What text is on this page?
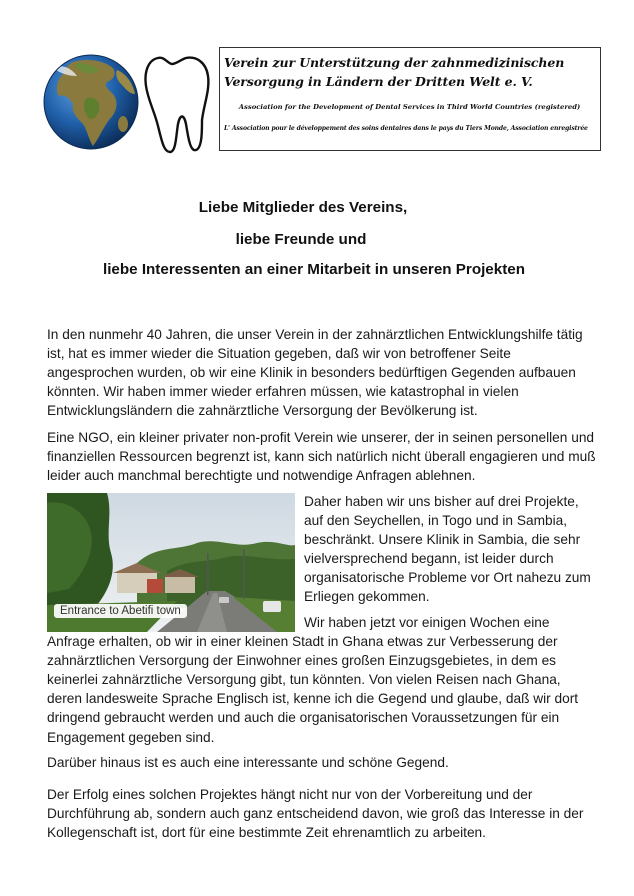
Verein zur Unterstützung der zahnmedizinischen Versorgung in Ländern der Dritten Welt e. V.
Association for the Development of Dental Services in Third World Countries (registered)
L' Association pour le développement des soins dentaires dans le pays du Tiers Monde, Association enregistrée
Liebe Mitglieder des Vereins,
liebe Freunde und
liebe Interessenten an einer Mitarbeit in unseren Projekten

In den nunmehr 40 Jahren, die unser Verein in der zahnärztlichen Entwicklungshilfe tätig ist, hat es immer wieder die Situation gegeben, daß wir von betroffener Seite angesprochen wurden, ob wir eine Klinik in besonders bedürftigen Gegenden aufbauen könnten. Wir haben immer wieder erfahren müssen, wie katastrophal in vielen Entwicklungsländern die zahnärztliche Versorgung der Bevölkerung ist.

Eine NGO, ein kleiner privater non-profit Verein wie unserer, der in seinen personellen und finanziellen Ressourcen begrenzt ist, kann sich natürlich nicht überall engagieren und muß leider auch manchmal berechtigte und notwendige Anfragen ablehnen.

Entrance to Abetifi town

Daher haben wir uns bisher auf drei Projekte, auf den Seychellen, in Togo und in Sambia, beschränkt. Unsere Klinik in Sambia, die sehr vielversprechend begann, ist leider durch organisatorische Probleme vor Ort nahezu zum Erliegen gekommen.

Wir haben jetzt vor einigen Wochen eine
Anfrage erhalten, ob wir in einer kleinen Stadt in Ghana etwas zur Verbesserung der zahnärztlichen Versorgung der Einwohner eines großen Einzugsgebietes, in dem es keinerlei zahnärztliche Versorgung gibt, tun könnten. Von vielen Reisen nach Ghana, deren landesweite Sprache Englisch ist, kenne ich die Gegend und glaube, daß wir dort dringend gebraucht werden und auch die organisatorischen Voraussetzungen für ein Engagement gegeben sind.

Darüber hinaus ist es auch eine interessante und schöne Gegend.

Der Erfolg eines solchen Projektes hängt nicht nur von der Vorbereitung und der Durchführung ab, sondern auch ganz entscheidend davon, wie groß das Interesse in der Kollegenschaft ist, dort für eine bestimmte Zeit ehrenamtlich zu arbeiten.
